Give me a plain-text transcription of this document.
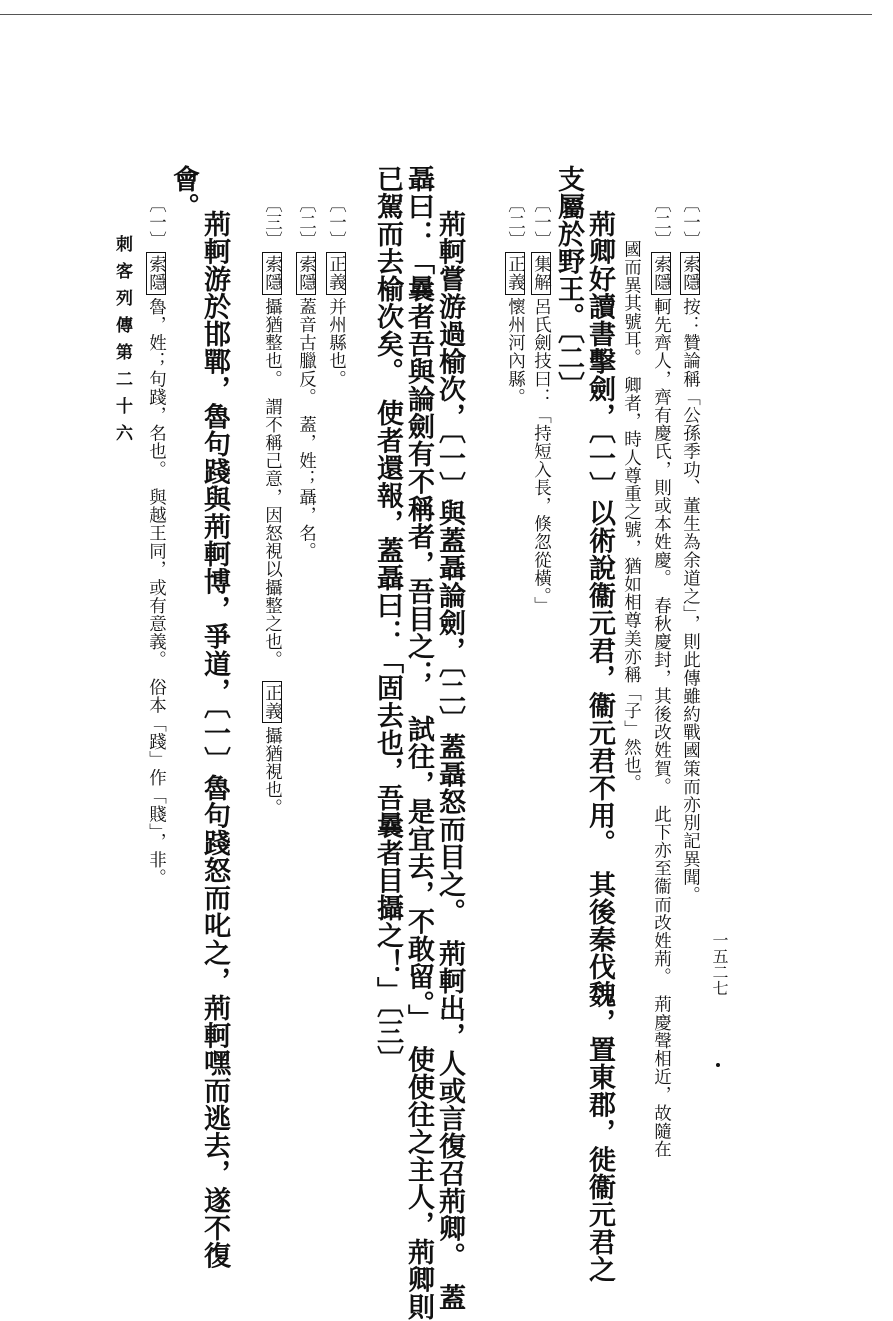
〔一〕索隱按：贊論稱「公孫季功、董生為余道之」，則此傳雖約戰國策而亦別記異聞。
〔二〕索隱軻先齊人，齊有慶氏，則或本姓慶。　春秋慶封，其後改姓賀。　此下亦至衞而改姓荊。　荊慶聲相近，故隨在
國而異其號耳。　卿者，時人尊重之號，猶如相尊美亦稱「子」然也。
荊卿好讀書擊劍，〔一〕以術說衞元君，衞元君不用。　其後秦伐魏，置東郡，徙衞元君之
支屬於野王。〔二〕
〔一〕集解呂氏劍技曰：「持短入長，倏忽從橫。」
〔二〕正義懷州河內縣。
荊軻嘗游過榆次，〔一〕與蓋聶論劍，〔二〕蓋聶怒而目之。　荊軻出，人或言復召荊卿。　蓋
聶曰：「曩者吾與論劍有不稱者，吾目之；　試往，是宜去，不敢留。」　使使往之主人，荊卿則
已駕而去榆次矣。　使者還報，蓋聶曰：「固去也，吾曩者目攝之！」〔三〕
〔一〕正義并州縣也。
〔二〕索隱蓋音古臘反。　蓋，姓；聶，名。
〔三〕索隱攝猶整也。　謂不稱己意，因怒視以攝整之也。　正義攝猶視也。
荊軻游於邯鄲，魯句踐與荊軻博，爭道，〔一〕魯句踐怒而叱之，荊軻嘿而逃去，遂不復
會。
〔一〕索隱魯，姓；句踐，名也。　與越王同，或有意義。　俗本「踐」作「賤」，非。
刺客列傳第二十六
一五二七
